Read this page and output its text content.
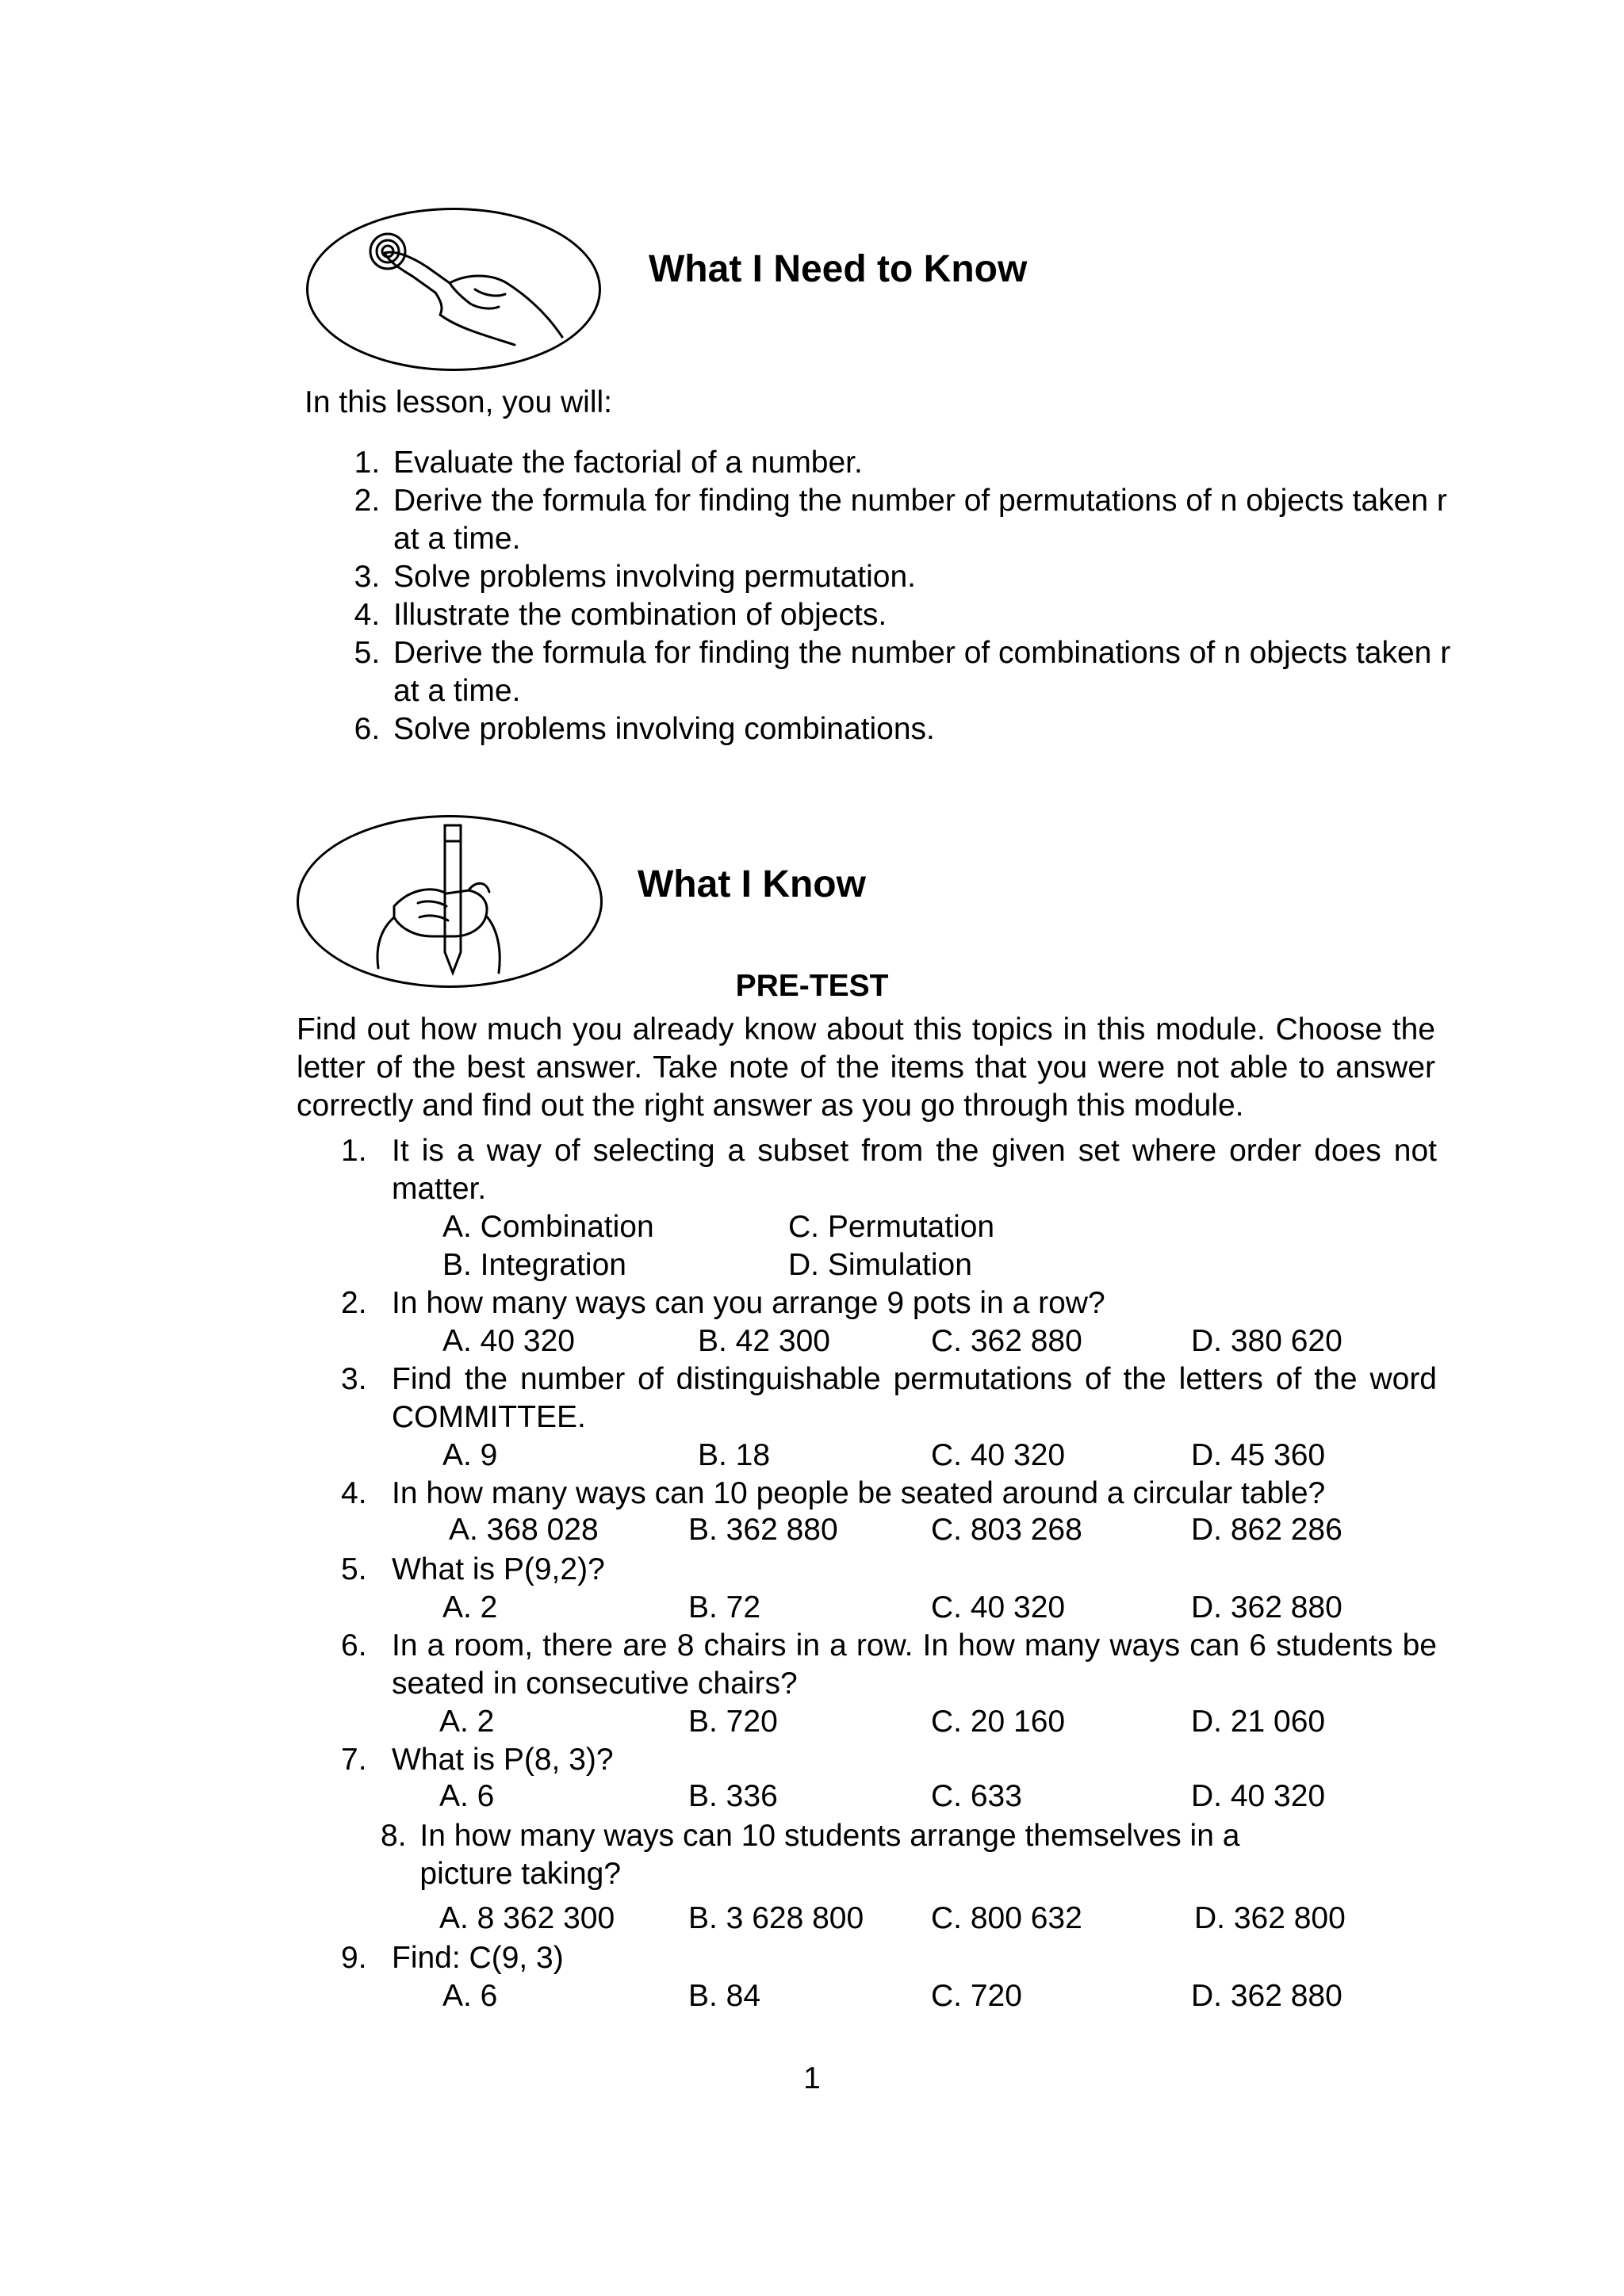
What I Need to Know
In this lesson, you will:
1. Evaluate the factorial of a number.
2. Derive the formula for finding the number of permutations of n objects taken r at a time.
3. Solve problems involving permutation.
4. Illustrate the combination of objects.
5. Derive the formula for finding the number of combinations of n objects taken r at a time.
6. Solve problems involving combinations.
What I Know
PRE-TEST
Find out how much you already know about this topics in this module. Choose the letter of the best answer. Take note of the items that you were not able to answer correctly and find out the right answer as you go through this module.
1. It is a way of selecting a subset from the given set where order does not matter.
A. Combination	C. Permutation
B. Integration	D. Simulation
2. In how many ways can you arrange 9 pots in a row?
A. 40 320	B. 42 300	C. 362 880	D. 380 620
3. Find the number of distinguishable permutations of the letters of the word COMMITTEE.
A. 9	B. 18	C. 40 320	D. 45 360
4. In how many ways can 10 people be seated around a circular table?
A. 368 028	B. 362 880	C. 803 268	D. 862 286
5. What is P(9,2)?
A. 2	B. 72	C. 40 320	D. 362 880
6. In a room, there are 8 chairs in a row. In how many ways can 6 students be seated in consecutive chairs?
A. 2	B. 720	C. 20 160	D. 21 060
7. What is P(8, 3)?
A. 6	B. 336	C. 633	D. 40 320
8. In how many ways can 10 students arrange themselves in a picture taking?
A. 8 362 300 B. 3 628 800 C. 800 632	D. 362 800
9. Find: C(9, 3)
A. 6	B. 84	C. 720	D. 362 880
1
